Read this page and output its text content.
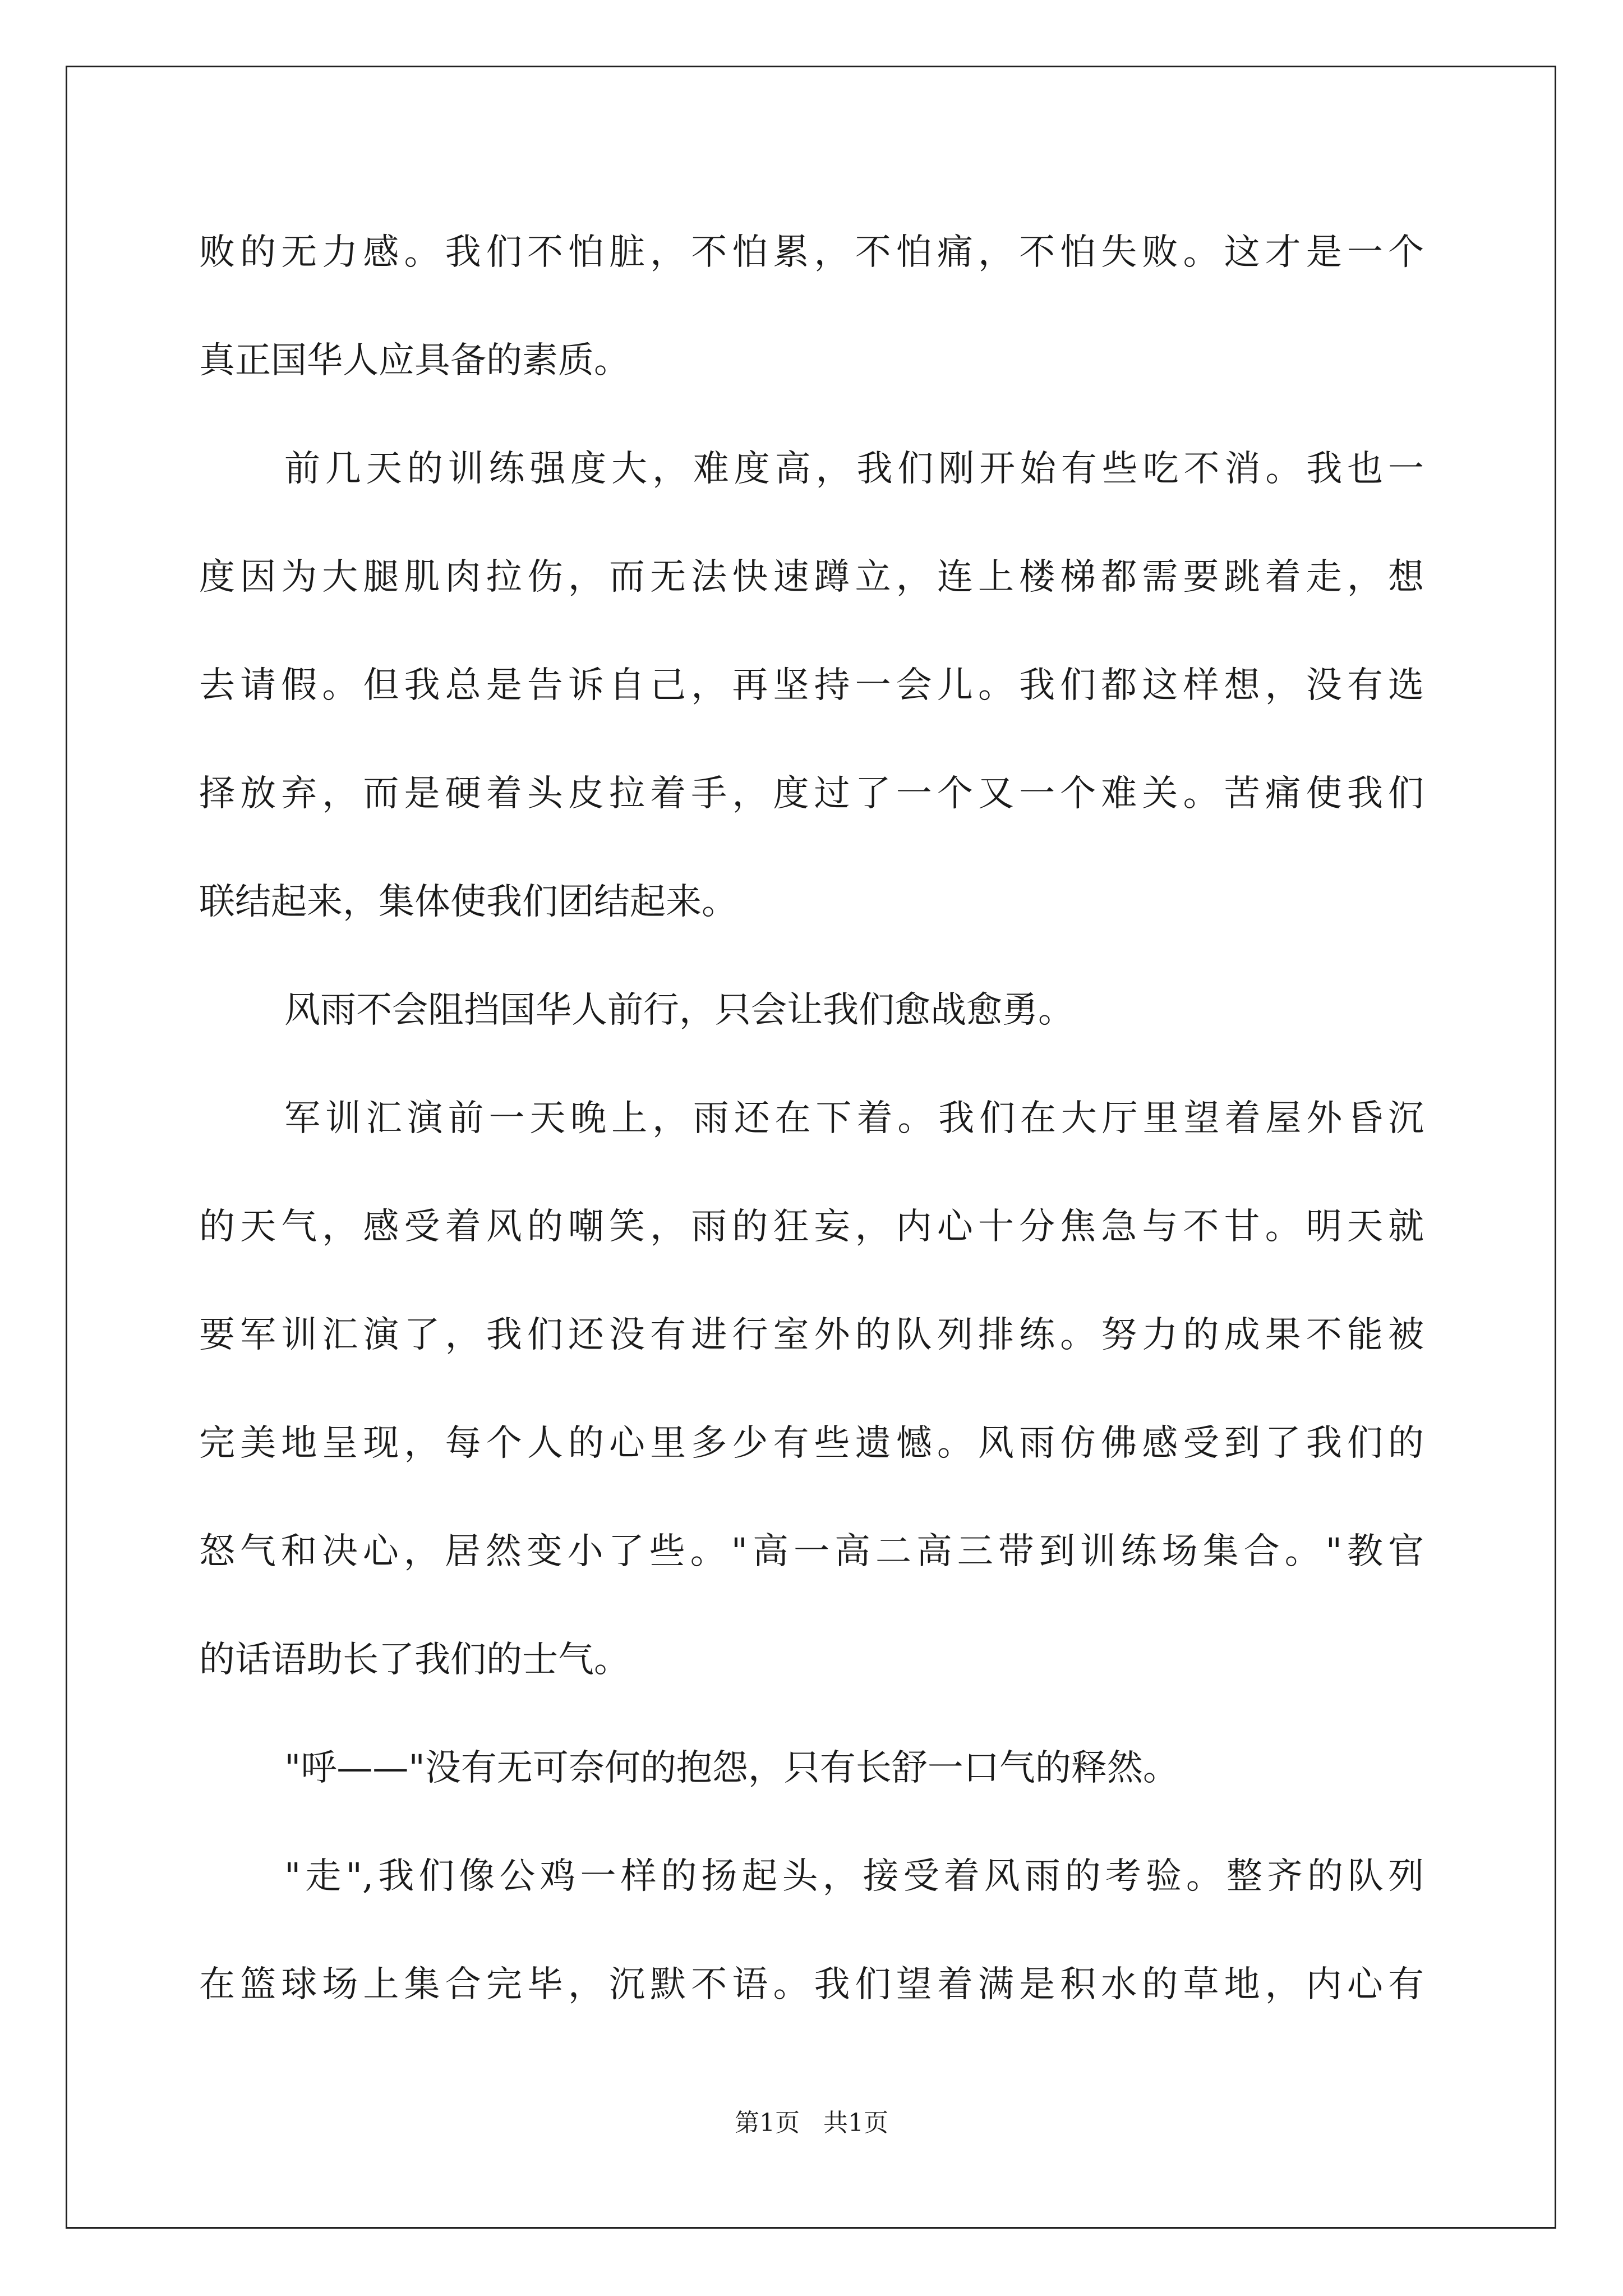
败的无力感。我们不怕脏，不怕累，不怕痛，不怕失败。这才是一个
真正国华人应具备的素质。
前几天的训练强度大，难度高，我们刚开始有些吃不消。我也一
度因为大腿肌肉拉伤，而无法快速蹲立，连上楼梯都需要跳着走，想
去请假。但我总是告诉自己，再坚持一会儿。我们都这样想，没有选
择放弃，而是硬着头皮拉着手，度过了一个又一个难关。苦痛使我们
联结起来，集体使我们团结起来。
风雨不会阻挡国华人前行，只会让我们愈战愈勇。
军训汇演前一天晚上，雨还在下着。我们在大厅里望着屋外昏沉
的天气，感受着风的嘲笑，雨的狂妄，内心十分焦急与不甘。明天就
要军训汇演了，我们还没有进行室外的队列排练。努力的成果不能被
完美地呈现，每个人的心里多少有些遗憾。风雨仿佛感受到了我们的
怒气和决心，居然变小了些。"高一高二高三带到训练场集合。"教官
的话语助长了我们的士气。
"呼——"没有无可奈何的抱怨，只有长舒一口气的释然。
"走",我们像公鸡一样的扬起头，接受着风雨的考验。整齐的队列
在篮球场上集合完毕，沉默不语。我们望着满是积水的草地，内心有
第1页   共1页
